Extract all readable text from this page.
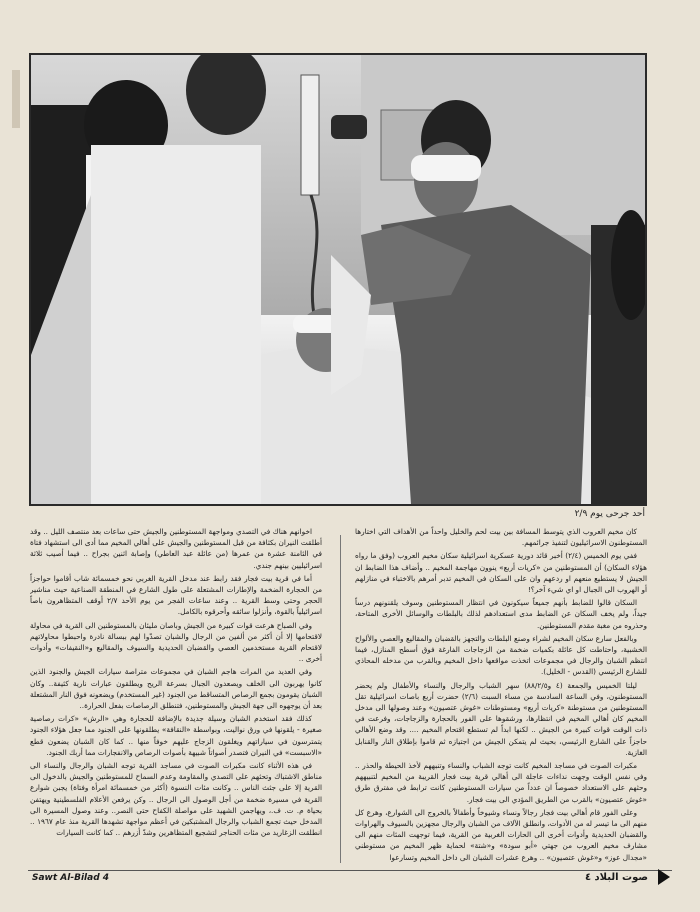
أحد جرحى يوم ٢/٩

كان مخيم العروب الذي يتوسط المسافة بين بيت لحم والخليل واحداً من الأهداف التي اختارها المستوطنون الاسرائيليون لتنفيذ جرائمهم.

ففي يوم الخميس (٢/٤) أخبر قائد دورية عسكرية اسرائيلية سكان مخيم العروب (وفق ما رواه هؤلاء السكان) أن المستوطنين من «كريات أربع» ينوون مهاجمة المخيم .. وأضاف هذا الضابط ان الجيش لا يستطيع منعهم او ردعهم وان على السكان في المخيم تدبر أمرهم بالاختباء في منازلهم أو الهروب الى الجبال او اي شيء آخر؟!

السكان قالوا للضابط بأنهم جميعاً سيكونون في انتظار المستوطنين وسوف يلقنونهم درساً جيداً، ولم يخف السكان عن الضابط مدى استعدادهم لذلك بالبلطات والوسائل الأخرى المتاحة، وحذروه من مغبة مقدم المستوطنين.

وبالفعل سارع سكان المخيم لشراء وصنع البلطات والتجهز بالقضبان والمقاليع والعصي والألواح الخشبية، واحتاطت كل عائلة بكميات ضخمة من الزجاجات الفارغة فوق أسطح المنازل، فيما انتظم الشبان والرجال في مجموعات اتخذت مواقعها داخل المخيم وبالقرب من مدخله المحاذي للشارع الرئيسي (القدس - الخليل).

ليلتا الخميس والجمعة (٤ و٨٨/٢/٥) سهر الشباب والرجال والنساء والأطفال ولم يحضر المستوطنون، وفي الساعة السادسة من مساء السبت (٢/٦) حضرت أربع باصات اسرائيلية تقل المستوطنين من مستوطنة «كريات أربع» ومستوطنات «غوش عتصيون» وعند وصولها الى مدخل المخيم كان أهالي المخيم في انتظارها، ورشقوها على الفور بالحجارة والزجاجات، وفرعت في ذات الوقت قوات كبيرة من الجيش .. لكنها ابداً لم تستطع اقتحام المخيم .... وقد وضع الأهالي حاجزاً على الشارع الرئيسي، بحيث لم يتمكن الجيش من اجتيازه ثم قاموا بإطلاق النار والقنابل الغازية.

مكبرات الصوت في مساجد المخيم كانت توجه الشباب والنساء وتنبههم لأخذ الحيطة والحذر .. وفي نفس الوقت وجهت نداءات عاجلة الى أهالي قرية بيت فجار القريبة من المخيم لتنبيههم وحثهم على الاستعداد خصوصاً ان عدداً من سيارات المستوطنين كانت ترابط في مفترق طرق «غوش عتصيون» بالقرب من الطريق المؤدي الى بيت فجار.

وعلى الفور قام أهالي بيت فجار رجالاً ونساء وشيوخاً وأطفالاً بالخروج الى الشوارع، وهرع كل منهم الى ما تيسر له من الأدوات، وانطلق الآلاف من الشبان والرجال مجهزين بالسيوف والهراوات والقضبان الحديدية وأدوات أخرى الى الحارات الغربية من القرية، فيما توجهت المئات منهم الى مشارف مخيم العروب من جهتي «أبو سودة» و«شتة» لحماية ظهر المخيم من مستوطني «مجدال عوز» و«غوش عتصيون» .. وهرع عشرات الشبان الى داخل المخيم وتسارعوا

اخوانهم هناك في التصدي ومواجهة المستوطنين والجيش حتى ساعات بعد منتصف الليل .. وقد أطلقت النيران بكثافة من قبل المستوطنين والجيش على أهالي المخيم مما أدى الى استشهاد فتاة في الثامنة عشرة من عمرها (من عائلة عبد العاطي) وإصابة اثنين بجراح .. فيما أصيب ثلاثة اسرائيليين بينهم جندي.

أما في قرية بيت فجار فقد رابط عند مدخل القرية الغربي نحو خمسمائة شاب أقاموا حواجزاً من الحجارة الضخمة والإطارات المشتعلة على طول الشارع في المنطقة الصناعية حيث مناشير الحجر وحتى وسط القرية .. وعند ساعات الفجر من يوم الأحد ٢/٧ أوقف المتظاهرون باصاً اسرائيلياً بالقوة، وأنزلوا سائقه وأحرقوه بالكامل.

وفي الصباح هرعت قوات كبيرة من الجيش وباصان مليئان بالمستوطنين الى القرية في محاولة لاقتحامها إلا أن أكثر من ألفين من الرجال والشبان تصدّوا لهم ببسالة نادرة واحبطوا محاولاتهم لاقتحام القرية مستخدمين العصي والقضبان الحديدية والسيوف والمقاليع و«النقيفات» وأدوات أخرى ..

وفي العديد من المرات هاجم الشبان في مجموعات متراصة سيارات الجيش والجنود الذين كانوا يهربون الى الخلف ويصعدون الجبال بسرعة الريح ويطلقون عبارات نارية كثيفة.. وكان الشبان يقومون بجمع الرصاص المتساقط من الجنود (غير المستخدم) ويضعونه فوق النار المشتعلة بعد أن يوجهوه الى جهة الجيش والمستوطنين، فتنطلق الرصاصات بفعل الحرارة..

كذلك فقد استخدم الشبان وسيلة جديدة بالإضافة للحجارة وهي «الرش» «كرات رصاصية صغيرة - يلقونها في ورق نواليت، وبواسطة «النقافة» يطلقونها على الجنود مما جعل هؤلاء الجنود يتمترسون في سياراتهم ويغلقون الزجاج عليهم خوفاً منها .. كما كان الشبان يضعون قطع «الاسبست» في النيران فتصدر أصواتاً شبيهة بأصوات الرصاص والانفجارات مما أربك الجنود.

في هذه الأثناء كانت مكبرات الصوت في مساجد القرية توجه الشبان والرجال والنساء الى مناطق الاشتباك وتحثهم على التصدي والمقاومة وعدم السماح للمستوطنين والجيش بالدخول الى القرية إلا على جثث الناس .. وكانت مئات النسوة (أكثر من خمسمائة امرأة وفتاة) يجبن شوارع القرية في مسيرة ضخمة من أجل الوصول الى الرجال .. وكن يرفعن الأعلام الفلسطينية ويهتفن بحياة م. ت. ف.، ويهاجمن الشهيد على مواصلة الكفاح حتى النصر.. وعند وصول المسيرة الى المدخل حيث تجمع الشباب والرجال المشتبكين في أعظم مواجهة تشهدها القرية منذ عام ١٩٦٧ .. انطلقت الزغاريد من مئات الحناجر لتشجيع المتظاهرين وشدّ أزرهم .. كما كانت السيارات

Sawt Al-Bilad 4	صوت البلاد ٤
